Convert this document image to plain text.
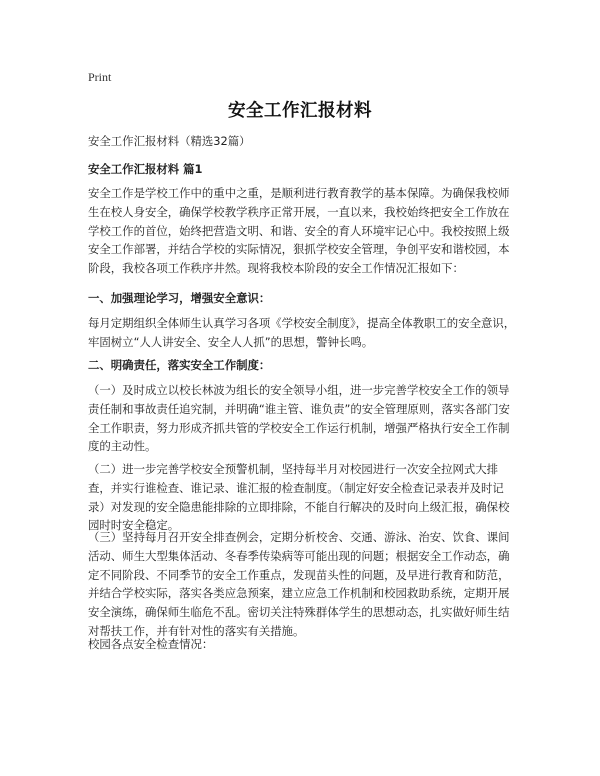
Print
安全工作汇报材料
安全工作汇报材料（精选32篇）
安全工作汇报材料 篇1
安全工作是学校工作中的重中之重，是顺利进行教育教学的基本保障。为确保我校师生在校人身安全，确保学校教学秩序正常开展，一直以来，我校始终把安全工作放在学校工作的首位，始终把营造文明、和谐、安全的育人环境牢记心中。我校按照上级安全工作部署，并结合学校的实际情况，狠抓学校安全管理，争创平安和谐校园，本阶段，我校各项工作秩序井然。现将我校本阶段的安全工作情况汇报如下：
一、加强理论学习，增强安全意识：
每月定期组织全体师生认真学习各项《学校安全制度》，提高全体教职工的安全意识，牢固树立“人人讲安全、安全人人抓”的思想，警钟长鸣。
二、明确责任，落实安全工作制度：
（一）及时成立以校长林波为组长的安全领导小组，进一步完善学校安全工作的领导责任制和事故责任追究制，并明确“谁主管、谁负责”的安全管理原则，落实各部门安全工作职责，努力形成齐抓共管的学校安全工作运行机制，增强严格执行安全工作制度的主动性。
（二）进一步完善学校安全预警机制，坚持每半月对校园进行一次安全拉网式大排查，并实行谁检查、谁记录、谁汇报的检查制度。（制定好安全检查记录表并及时记录）对发现的安全隐患能排除的立即排除，不能自行解决的及时向上级汇报，确保校园时时安全稳定。
（三）坚持每月召开安全排查例会，定期分析校舍、交通、游泳、治安、饮食、课间活动、师生大型集体活动、冬春季传染病等可能出现的问题；根据安全工作动态，确定不同阶段、不同季节的安全工作重点，发现苗头性的问题，及早进行教育和防范，并结合学校实际，落实各类应急预案，建立应急工作机制和校园救助系统，定期开展安全演练，确保师生临危不乱。密切关注特殊群体学生的思想动态，扎实做好师生结对帮扶工作，并有针对性的落实有关措施。
校园各点安全检查情况：
